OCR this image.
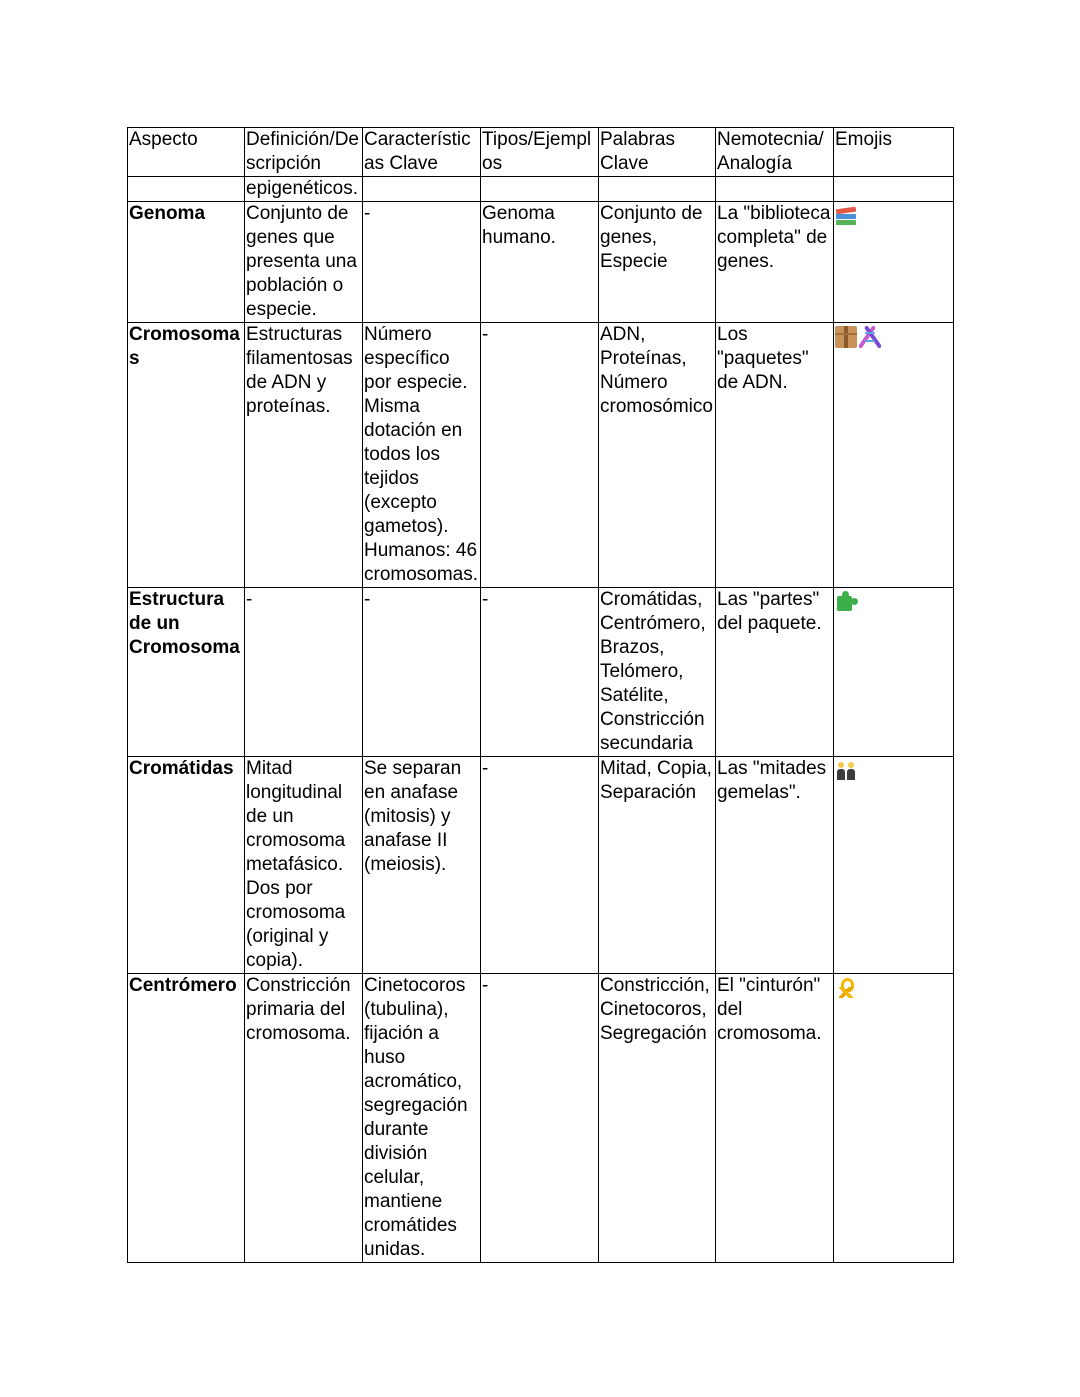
Aspecto	Definición/Descripción	Características Clave	Tipos/Ejemplos	Palabras Clave	Nemotecnia/ Analogía	Emojis
	epigenéticos.					
Genoma	Conjunto de genes que presenta una población o especie.	-	Genoma humano.	Conjunto de genes, Especie	La "biblioteca completa" de genes.	

Cromosomas	Estructuras filamentosas de ADN y proteínas.	Número específico por especie. Misma dotación en todos los tejidos (excepto gametos). Humanos: 46 cromosomas.	-	ADN, Proteínas, Número cromosómico	Los "paquetes" de ADN.	

Estructura de un Cromosoma	-	-	-	Cromátidas, Centrómero, Brazos, Telómero, Satélite, Constricción secundaria	Las "partes" del paquete.	

Cromátidas	Mitad longitudinal de un cromosoma metafásico. Dos por cromosoma (original y copia).	Se separan en anafase (mitosis) y anafase II (meiosis).	-	Mitad, Copia, Separación	Las "mitades gemelas".	

Centrómero	Constricción primaria del cromosoma.	Cinetocoros (tubulina), fijación a huso acromático, segregación durante división celular, mantiene cromátides unidas.	-	Constricción, Cinetocoros, Segregación	El "cinturón" del cromosoma.	
